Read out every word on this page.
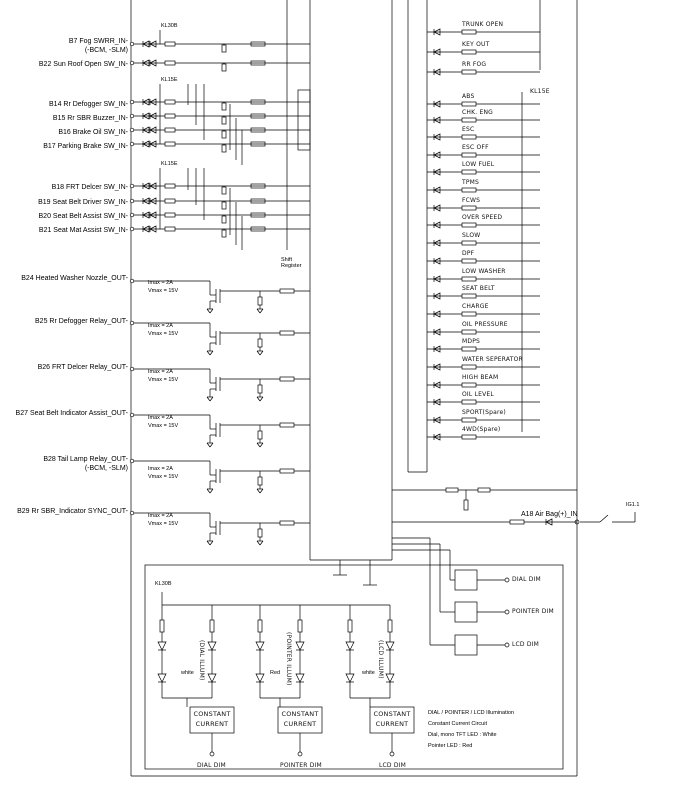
B7 Fog SWRR_IN-
(-BCM, -SLM)
B22 Sun Roof Open SW_IN-
B14 Rr Defogger SW_IN-
B15 Rr SBR Buzzer_IN-
B16 Brake Oil SW_IN-
B17 Parking Brake SW_IN-
B18 FRT Delcer SW_IN-
B19 Seat Belt Driver SW_IN-
B20 Seat Belt Assist SW_IN-
B21 Seat Mat Assist SW_IN-
B24 Heated Washer Nozzle_OUT-
Imax = 2A
Vmax = 15V
B25 Rr Defogger Relay_OUT-
Imax = 2A
Vmax = 15V
B26 FRT Delcer Relay_OUT-
Imax = 2A
Vmax = 15V
B27 Seat Belt Indicator Assist_OUT-
Imax = 2A
Vmax = 15V
B28 Tail Lamp Relay_OUT-
(-BCM, -SLM)	Imax = 2A
Vmax = 15V
B29 Rr SBR_Indicator SYNC_OUT-
Imax = 2A
Vmax = 15V
KL30B
KL15E
KL15E
Shift
Register
TRUNK OPEN
KEY OUT
RR FOG
ABS
CHK. ENG
ESC
ESC OFF
LOW FUEL
TPMS
FCWS
OVER SPEED
SLOW
DPF
LOW WASHER
SEAT BELT
CHARGE
OIL PRESSURE
MDPS
WATER SEPERATOR
HIGH BEAM
OIL LEVEL
SPORT(Spare)
4WD(Spare)
KL15E
A18 Air Bag(+)_IN
IG1.1
DIAL DIM
POINTER DIM
LCD DIM
KL30B
white	Red	white
(DIAL ILLUM)	(POINTER ILLUM)	(LCD ILLUM)
CONSTANT
CURRENT
CONSTANT
CURRENT
CONSTANT
CURRENT
DIAL DIM	POINTER DIM	LCD DIM
DIAL / POINTER / LCD Illumination
Constant Current Circuit
Dial, mono TFT LED : White
Pointer LED : Red
